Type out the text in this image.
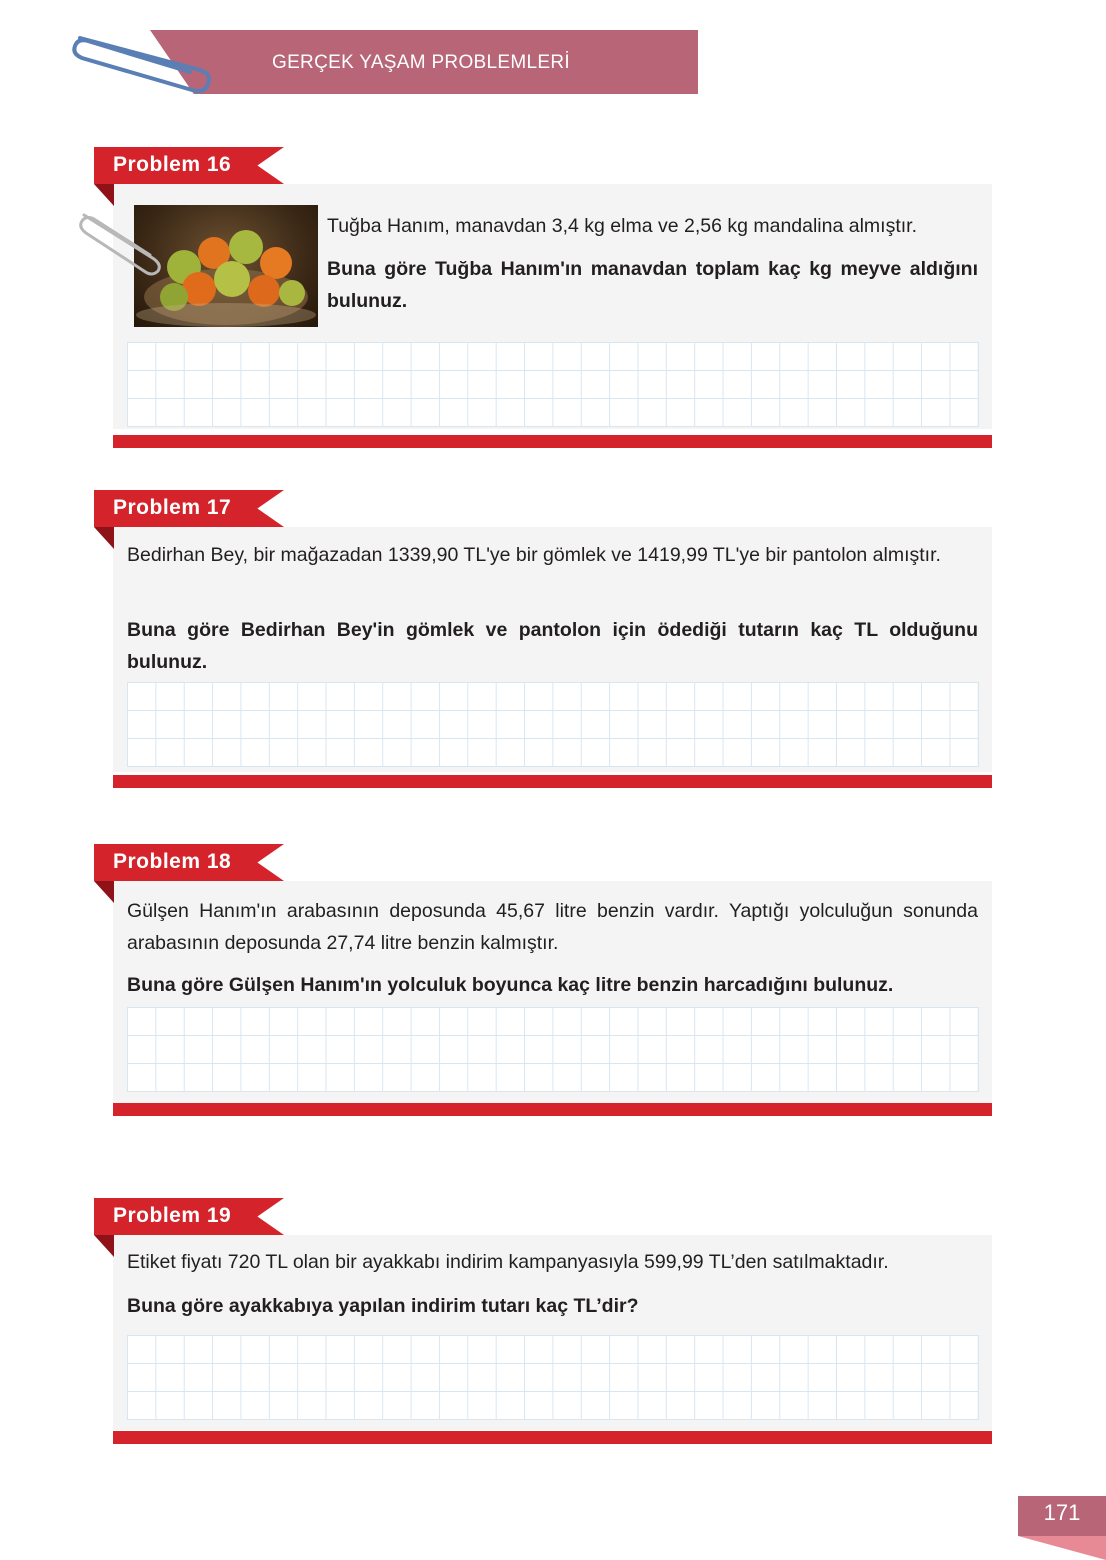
GERÇEK YAŞAM PROBLEMLERİ
Problem 16
Tuğba Hanım, manavdan 3,4 kg elma ve 2,56 kg mandalina almıştır.
Buna göre Tuğba Hanım'ın manavdan toplam kaç kg meyve aldığını bulunuz.
Problem 17
Bedirhan Bey, bir mağazadan 1339,90 TL'ye bir gömlek ve 1419,99 TL'ye bir pantolon almıştır.
Buna göre Bedirhan Bey'in gömlek ve pantolon için ödediği tutarın kaç TL olduğunu bulunuz.
Problem 18
Gülşen Hanım'ın arabasının deposunda 45,67 litre benzin vardır. Yaptığı yolculuğun sonunda arabasının deposunda 27,74 litre benzin kalmıştır.
Buna göre Gülşen Hanım'ın yolculuk boyunca kaç litre benzin harcadığını bulunuz.
Problem 19
Etiket fiyatı 720 TL olan bir ayakkabı indirim kampanyasıyla 599,99 TL’den satılmaktadır.
Buna göre ayakkabıya yapılan indirim tutarı kaç TL’dir?
171
